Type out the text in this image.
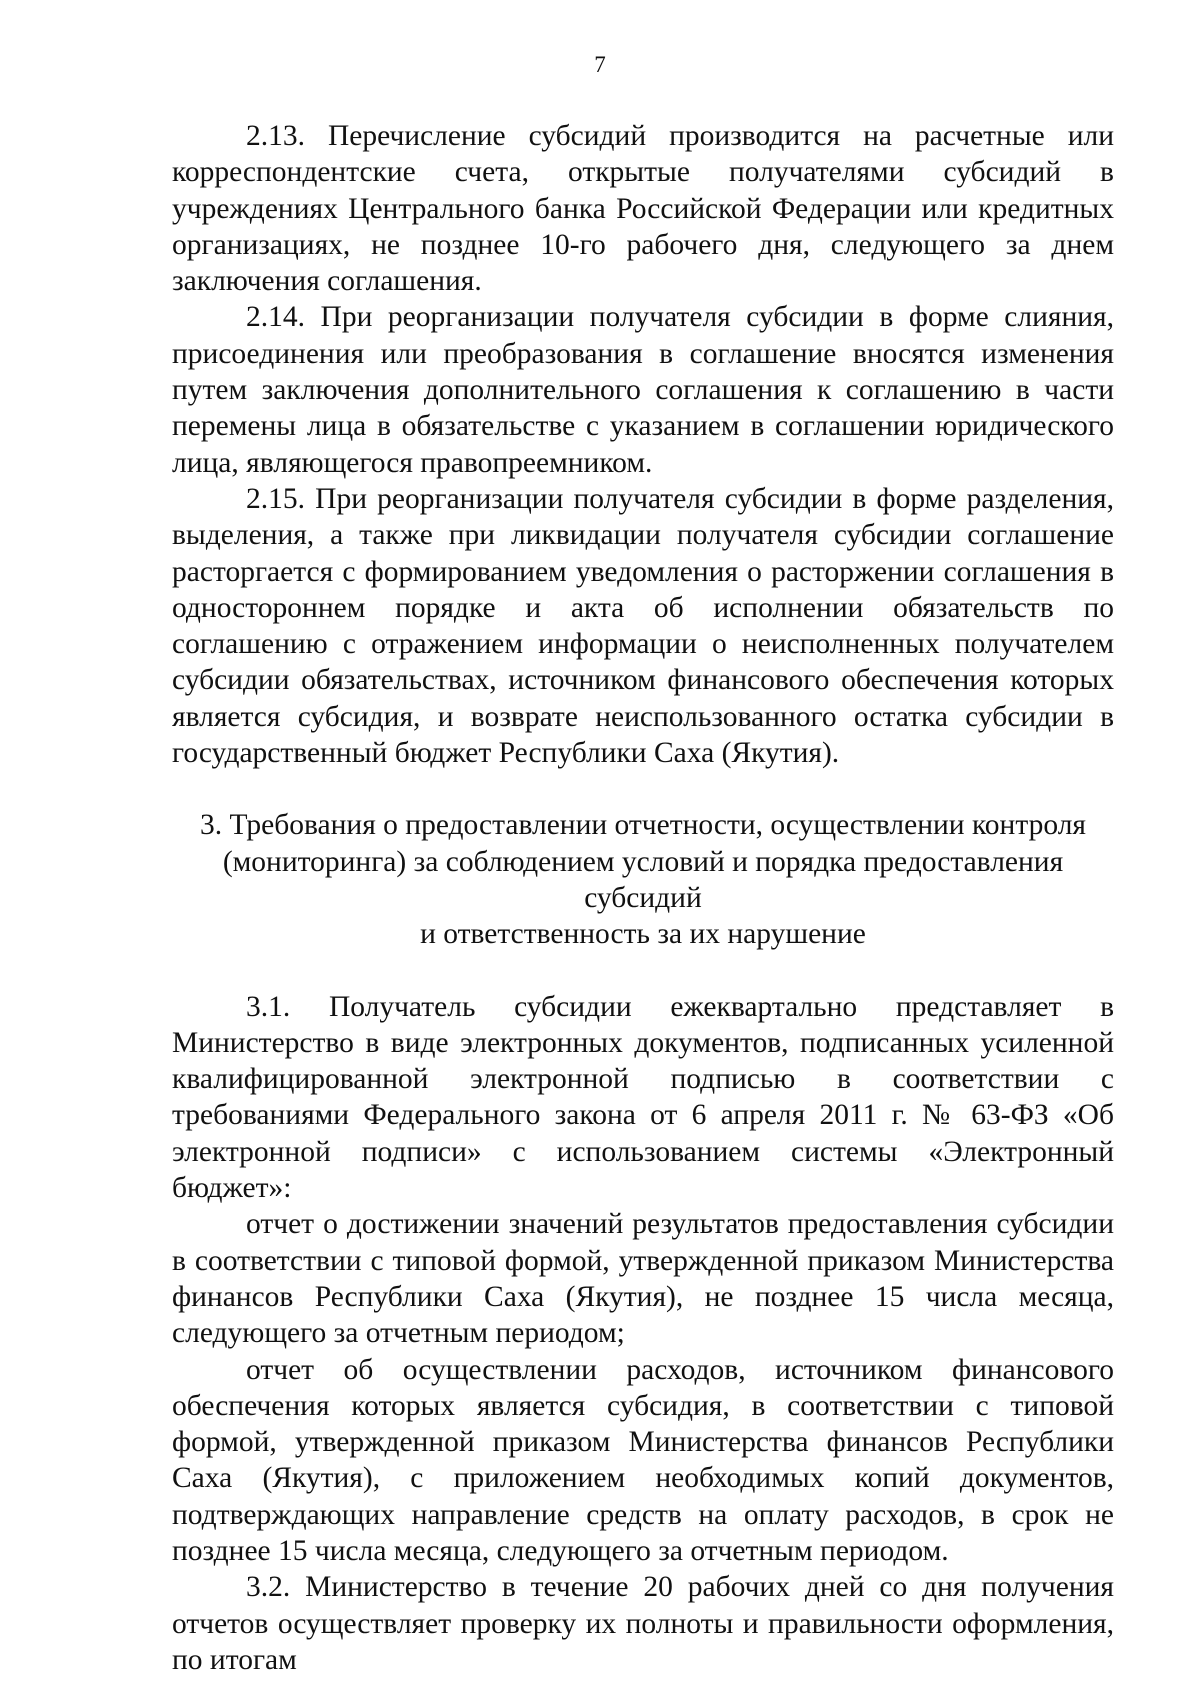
7

2.13. Перечисление субсидий производится на расчетные или корреспондентские счета, открытые получателями субсидий в учреждениях Центрального банка Российской Федерации или кредитных организациях, не позднее 10-го рабочего дня, следующего за днем заключения соглашения.

2.14. При реорганизации получателя субсидии в форме слияния, присоединения или преобразования в соглашение вносятся изменения путем заключения дополнительного соглашения к соглашению в части перемены лица в обязательстве с указанием в соглашении юридического лица, являющегося правопреемником.

2.15. При реорганизации получателя субсидии в форме разделения, выделения, а также при ликвидации получателя субсидии соглашение расторгается с формированием уведомления о расторжении соглашения в одностороннем порядке и акта об исполнении обязательств по соглашению с отражением информации о неисполненных получателем субсидии обязательствах, источником финансового обеспечения которых является субсидия, и возврате неиспользованного остатка субсидии в государственный бюджет Республики Саха (Якутия).

3. Требования о предоставлении отчетности, осуществлении контроля
(мониторинга) за соблюдением условий и порядка предоставления субсидий
и ответственность за их нарушение

3.1. Получатель субсидии ежеквартально представляет в Министерство в виде электронных документов, подписанных усиленной квалифицированной электронной подписью в соответствии с требованиями Федерального закона от 6 апреля 2011 г. № 63-ФЗ «Об электронной подписи» с использованием системы «Электронный бюджет»:

отчет о достижении значений результатов предоставления субсидии в соответствии с типовой формой, утвержденной приказом Министерства финансов Республики Саха (Якутия), не позднее 15 числа месяца, следующего за отчетным периодом;

отчет об осуществлении расходов, источником финансового обеспечения которых является субсидия, в соответствии с типовой формой, утвержденной приказом Министерства финансов Республики Саха (Якутия), с приложением необходимых копий документов, подтверждающих направление средств на оплату расходов, в срок не позднее 15 числа месяца, следующего за отчетным периодом.

3.2. Министерство в течение 20 рабочих дней со дня получения отчетов осуществляет проверку их полноты и правильности оформления, по итогам
